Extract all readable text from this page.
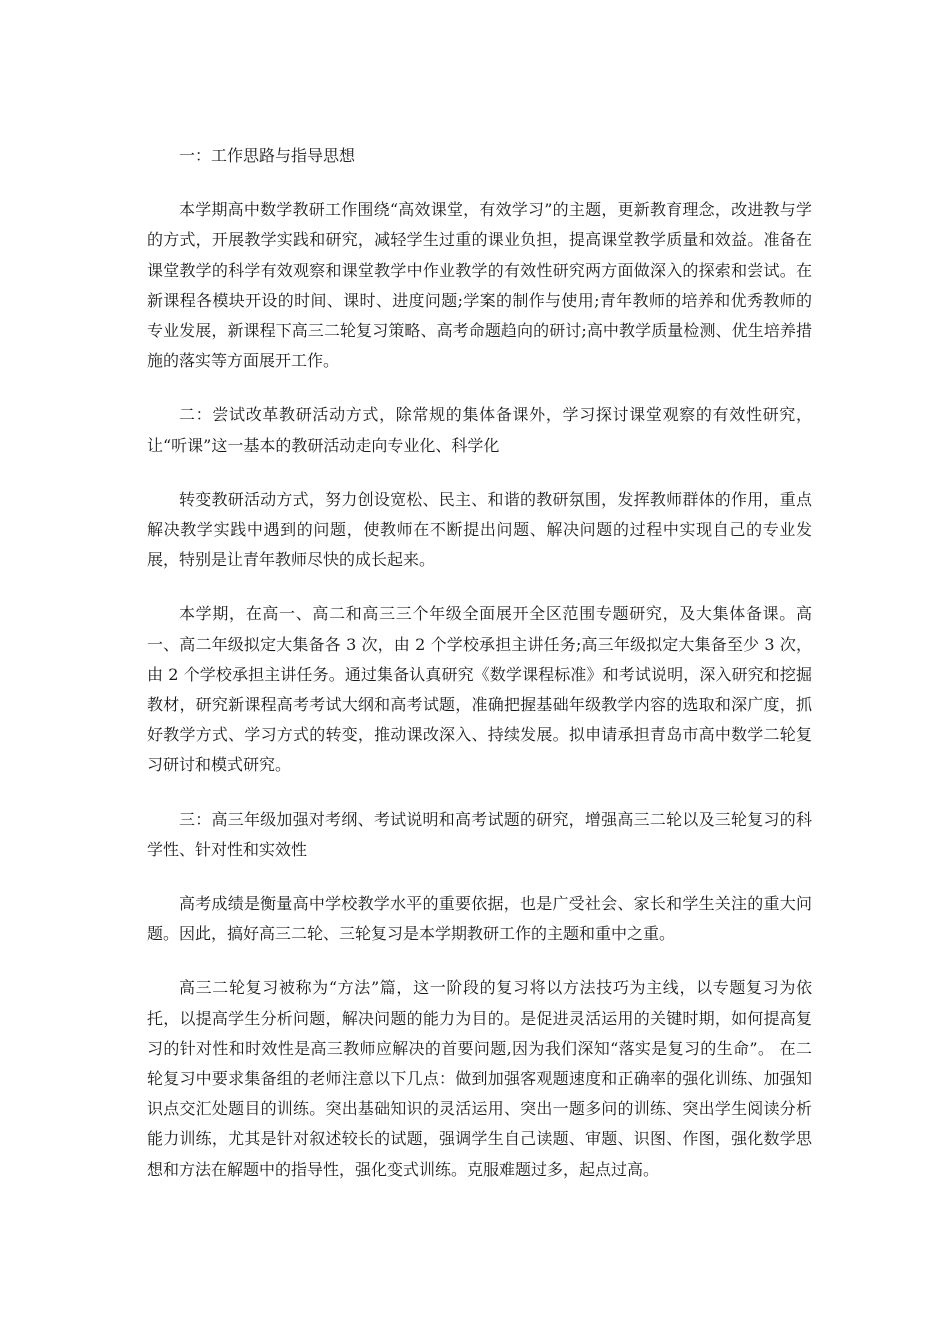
一：工作思路与指导思想

本学期高中数学教研工作围绕“高效课堂，有效学习”的主题，更新教育理念，改进教与学的方式，开展教学实践和研究，减轻学生过重的课业负担，提高课堂教学质量和效益。准备在课堂教学的科学有效观察和课堂教学中作业教学的有效性研究两方面做深入的探索和尝试。在新课程各模块开设的时间、课时、进度问题;学案的制作与使用;青年教师的培养和优秀教师的专业发展，新课程下高三二轮复习策略、高考命题趋向的研讨;高中教学质量检测、优生培养措施的落实等方面展开工作。

二：尝试改革教研活动方式，除常规的集体备课外，学习探讨课堂观察的有效性研究，让“听课”这一基本的教研活动走向专业化、科学化

转变教研活动方式，努力创设宽松、民主、和谐的教研氛围，发挥教师群体的作用，重点解决教学实践中遇到的问题，使教师在不断提出问题、解决问题的过程中实现自己的专业发展，特别是让青年教师尽快的成长起来。

本学期，在高一、高二和高三三个年级全面展开全区范围专题研究，及大集体备课。高一、高二年级拟定大集备各 3 次，由 2 个学校承担主讲任务;高三年级拟定大集备至少 3 次，由 2 个学校承担主讲任务。通过集备认真研究《数学课程标准》和考试说明，深入研究和挖掘教材，研究新课程高考考试大纲和高考试题，准确把握基础年级教学内容的选取和深广度，抓好教学方式、学习方式的转变，推动课改深入、持续发展。拟申请承担青岛市高中数学二轮复习研讨和模式研究。

三：高三年级加强对考纲、考试说明和高考试题的研究，增强高三二轮以及三轮复习的科学性、针对性和实效性

高考成绩是衡量高中学校教学水平的重要依据，也是广受社会、家长和学生关注的重大问题。因此，搞好高三二轮、三轮复习是本学期教研工作的主题和重中之重。

高三二轮复习被称为“方法”篇，这一阶段的复习将以方法技巧为主线，以专题复习为依托，以提高学生分析问题，解决问题的能力为目的。是促进灵活运用的关键时期，如何提高复习的针对性和时效性是高三教师应解决的首要问题,因为我们深知“落实是复习的生命”。 在二轮复习中要求集备组的老师注意以下几点：做到加强客观题速度和正确率的强化训练、加强知识点交汇处题目的训练。突出基础知识的灵活运用、突出一题多问的训练、突出学生阅读分析能力训练，尤其是针对叙述较长的试题，强调学生自己读题、审题、识图、作图，强化数学思想和方法在解题中的指导性，强化变式训练。克服难题过多，起点过高。
